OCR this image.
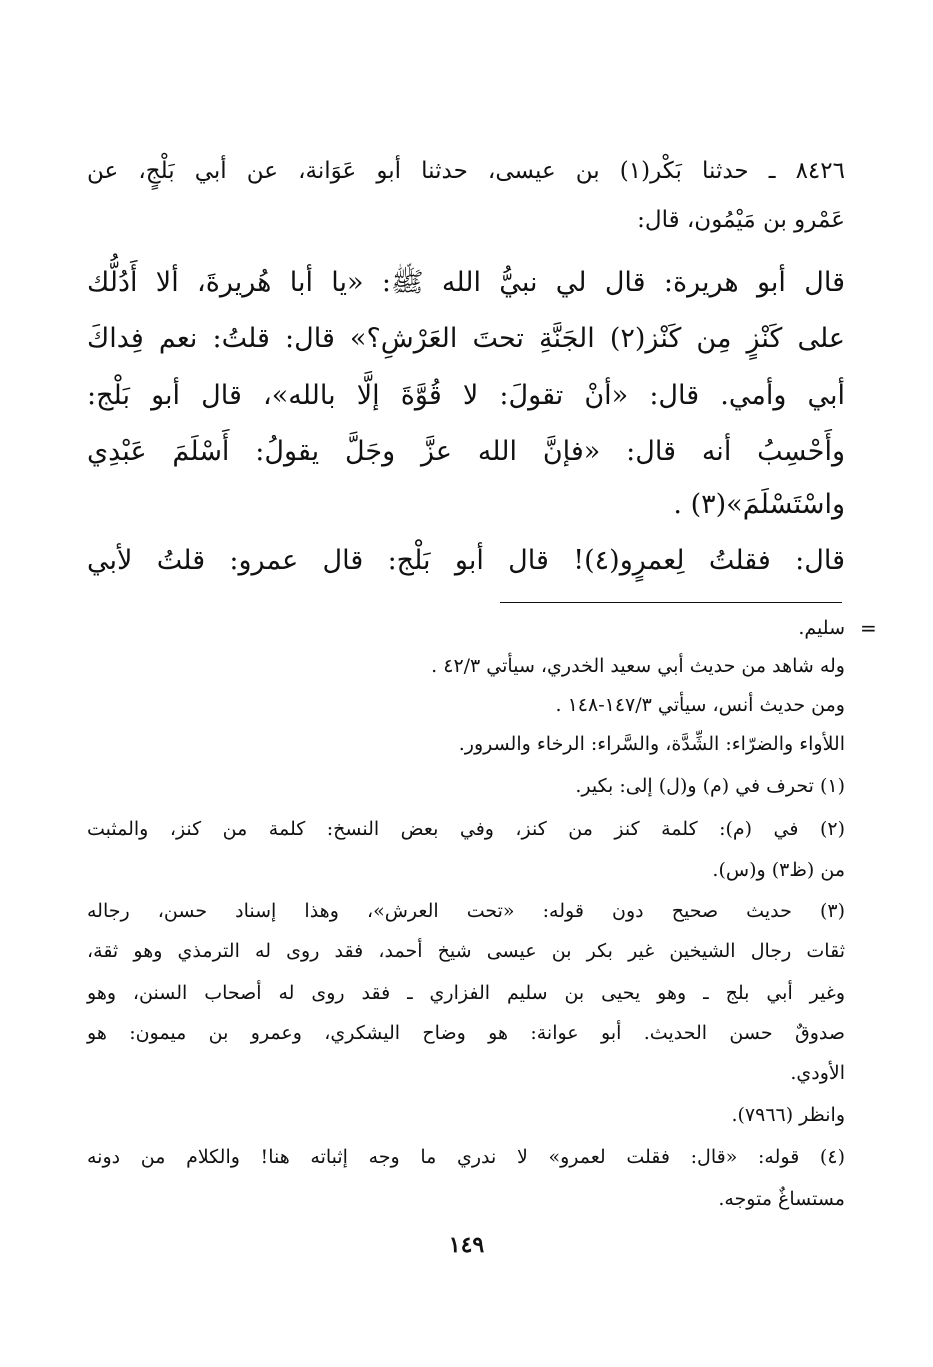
٨٤٢٦ ـ حدثنا بَكْر(١) بن عيسى، حدثنا أبو عَوَانة، عن أبي بَلْجٍ، عن
عَمْرو بن مَيْمُون، قال:
قال أبو هريرة: قال لي نبيُّ الله ﷺ: «يا أبا هُريرةَ، ألا أَدُلُّك
على كَنْزٍ مِن كَنْز(٢) الجَنَّةِ تحتَ العَرْشِ؟» قال: قلتُ: نعم فِداكَ
أبي وأمي. قال: «أنْ تقولَ: لا قُوَّةَ إلَّا بالله»، قال أبو بَلْج:
وأَحْسِبُ أنه قال: «فإنَّ الله عزَّ وجَلَّ يقولُ: أَسْلَمَ عَبْدِي
واسْتَسْلَمَ»(٣) .
قال: فقلتُ لِعمرٍو(٤)! قال أبو بَلْج: قال عمرو: قلتُ لأبي
=
سليم.
وله شاهد من حديث أبي سعيد الخدري، سيأتي ٤٢/٣ .
ومن حديث أنس، سيأتي ١٤٧/٣-١٤٨ .
اللأواء والضرّاء: الشِّدَّة، والسَّراء: الرخاء والسرور.
(١) تحرف في (م) و(ل) إلى: بكير.
(٢) في (م): كلمة كنز من كنز، وفي بعض النسخ: كلمة من كنز، والمثبت
من (ظ٣) و(س).
(٣) حديث صحيح دون قوله: «تحت العرش»، وهذا إسناد حسن، رجاله
ثقات رجال الشيخين غير بكر بن عيسى شيخ أحمد، فقد روى له الترمذي وهو ثقة،
وغير أبي بلج ـ وهو يحيى بن سليم الفزاري ـ فقد روى له أصحاب السنن، وهو
صدوقٌ حسن الحديث. أبو عوانة: هو وضاح اليشكري، وعمرو بن ميمون: هو
الأودي.
وانظر (٧٩٦٦).
(٤) قوله: «قال: فقلت لعمرو» لا ندري ما وجه إثباته هنا! والكلام من دونه
مستساغٌ متوجه.
١٤٩
